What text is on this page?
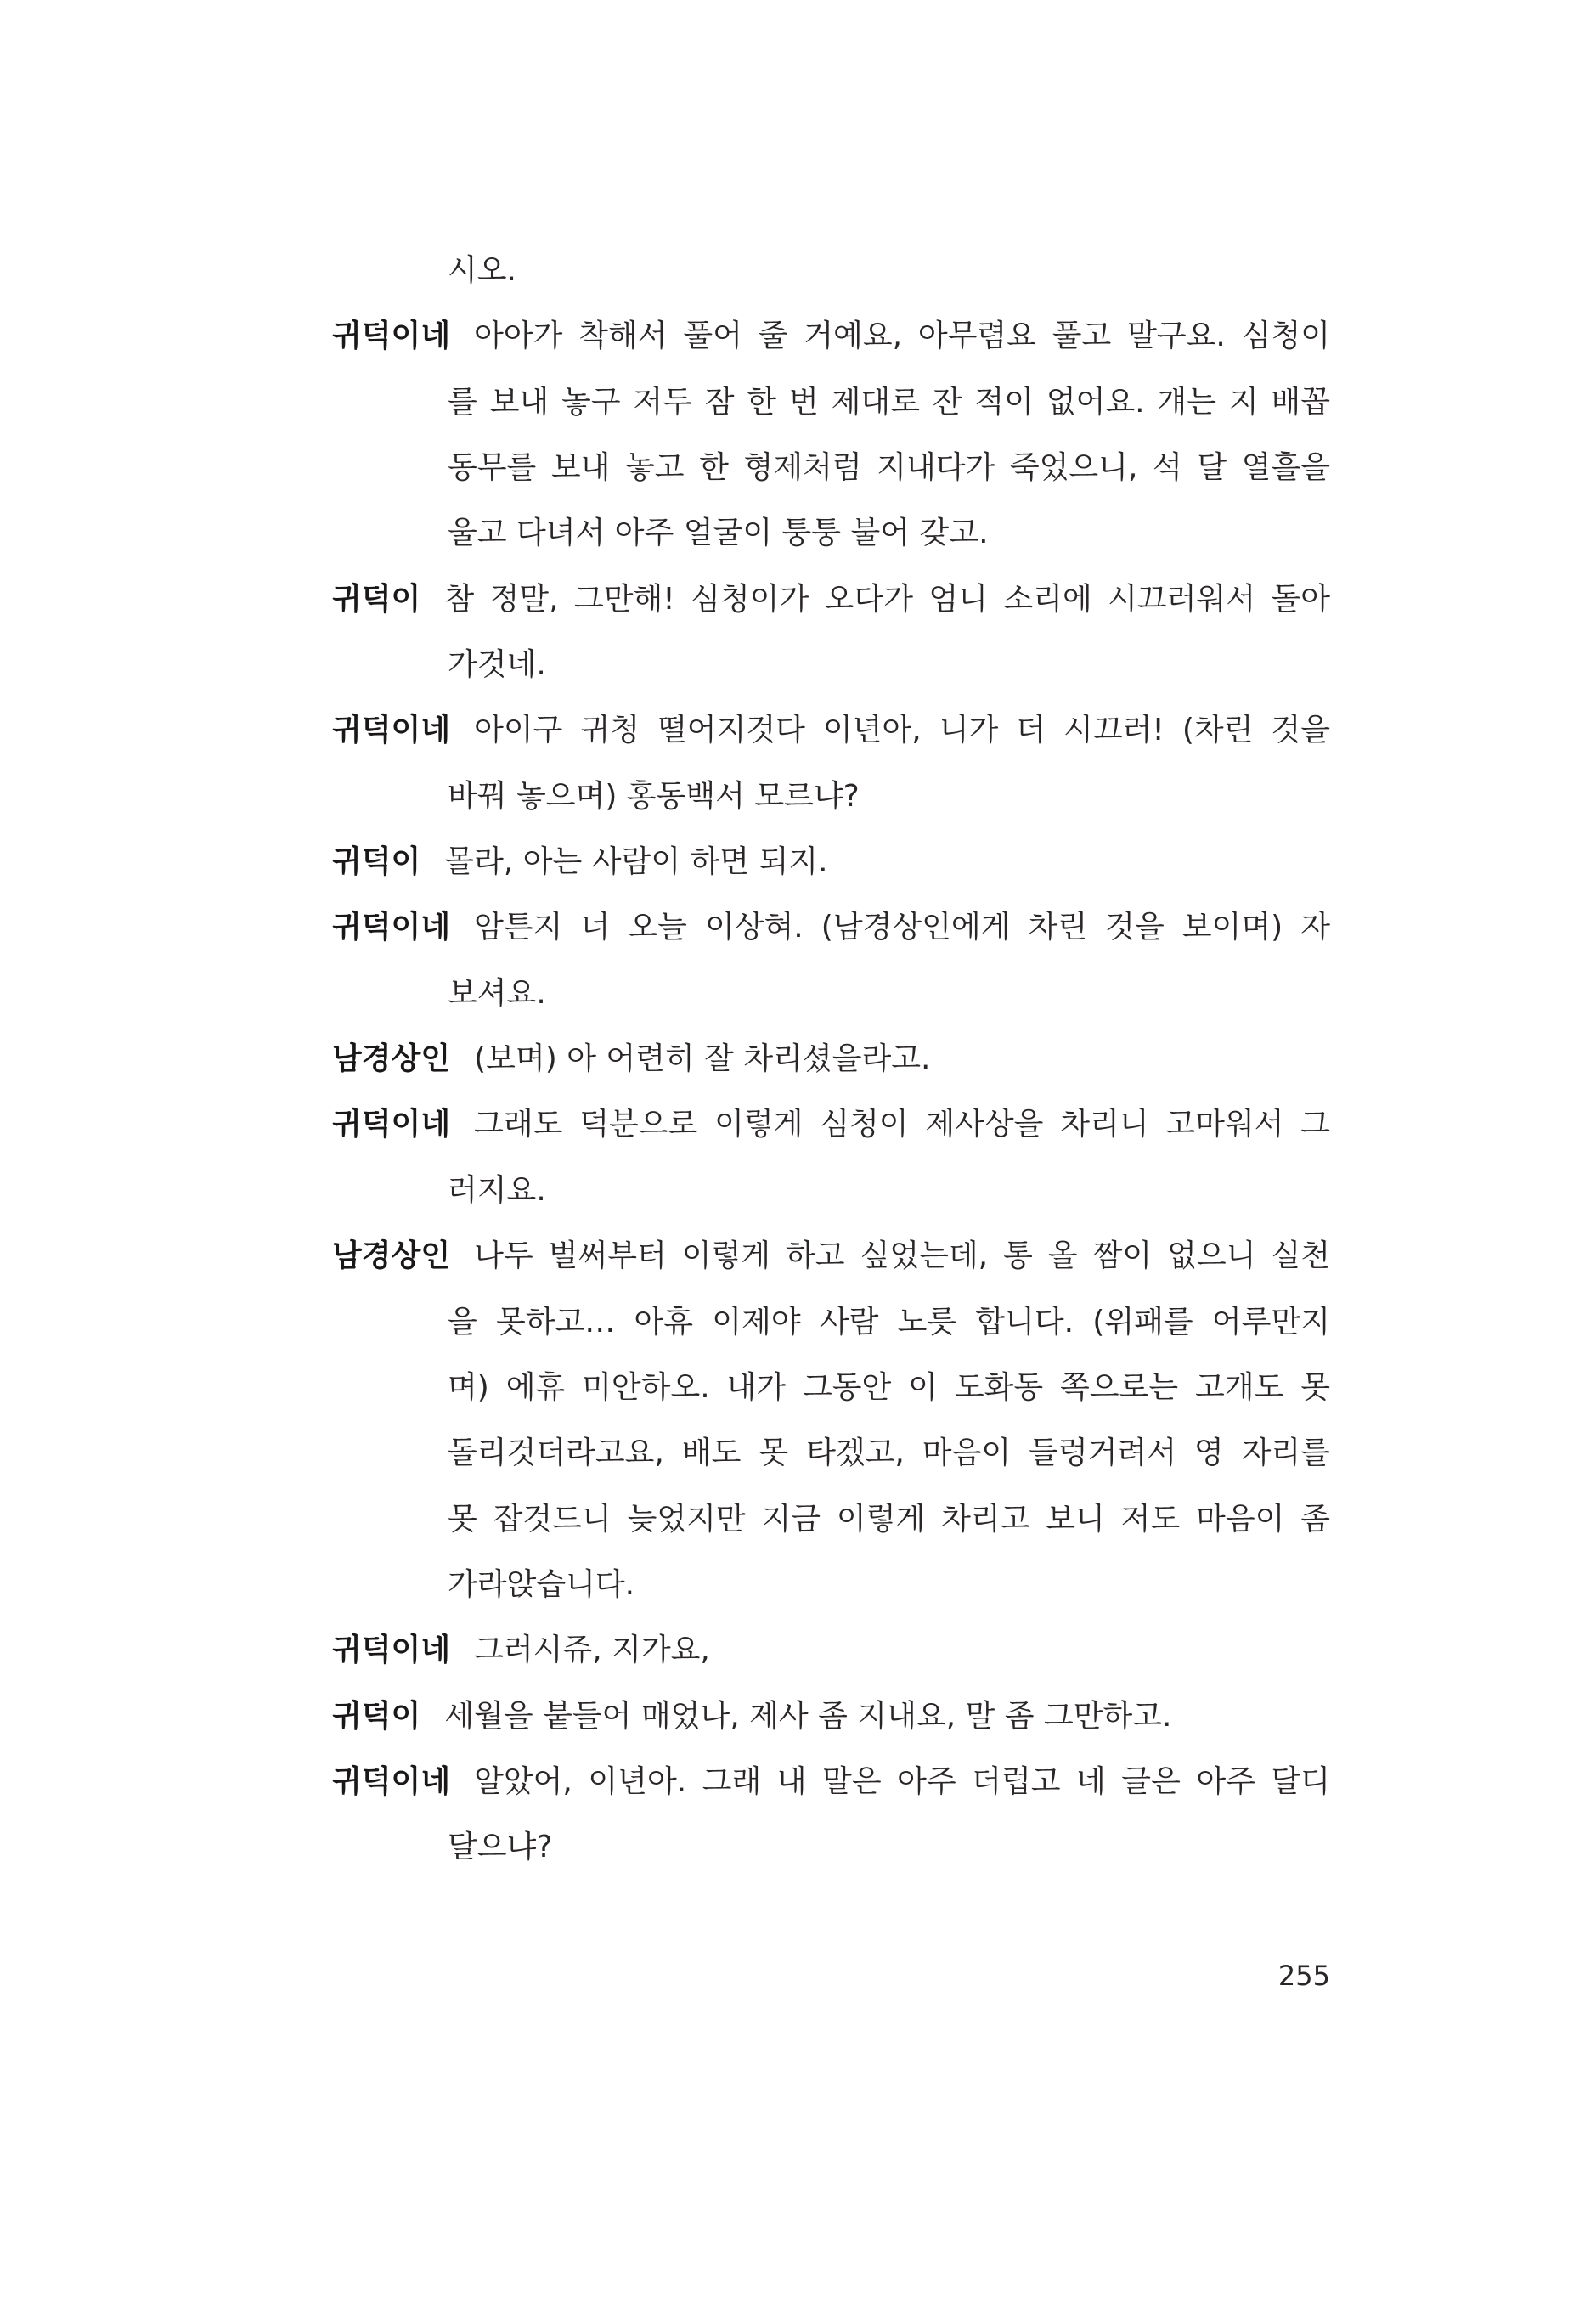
시오.
귀덕이네 아아가 착해서 풀어 줄 거예요, 아무렴요 풀고 말구요. 심청이
를 보내 놓구 저두 잠 한 번 제대로 잔 적이 없어요. 걔는 지 배꼽
동무를 보내 놓고 한 형제처럼 지내다가 죽었으니, 석 달 열흘을
울고 다녀서 아주 얼굴이 퉁퉁 불어 갖고.
귀덕이 참 정말, 그만해! 심청이가 오다가 엄니 소리에 시끄러워서 돌아
가것네.
귀덕이네 아이구 귀청 떨어지것다 이년아, 니가 더 시끄러! (차린 것을
바꿔 놓으며) 홍동백서 모르냐?
귀덕이 몰라, 아는 사람이 하면 되지.
귀덕이네 암튼지 너 오늘 이상혀. (남경상인에게 차린 것을 보이며) 자
보셔요.
남경상인 (보며) 아 어련히 잘 차리셨을라고.
귀덕이네 그래도 덕분으로 이렇게 심청이 제사상을 차리니 고마워서 그
러지요.
남경상인 나두 벌써부터 이렇게 하고 싶었는데, 통 올 짬이 없으니 실천
을 못하고… 아휴 이제야 사람 노릇 합니다. (위패를 어루만지
며) 에휴 미안하오. 내가 그동안 이 도화동 쪽으로는 고개도 못
돌리것더라고요, 배도 못 타겠고, 마음이 들렁거려서 영 자리를
못 잡것드니 늦었지만 지금 이렇게 차리고 보니 저도 마음이 좀
가라앉습니다.
귀덕이네 그러시쥬, 지가요,
귀덕이 세월을 붙들어 매었나, 제사 좀 지내요, 말 좀 그만하고.
귀덕이네 알았어, 이년아. 그래 내 말은 아주 더럽고 네 글은 아주 달디
달으냐?
255
